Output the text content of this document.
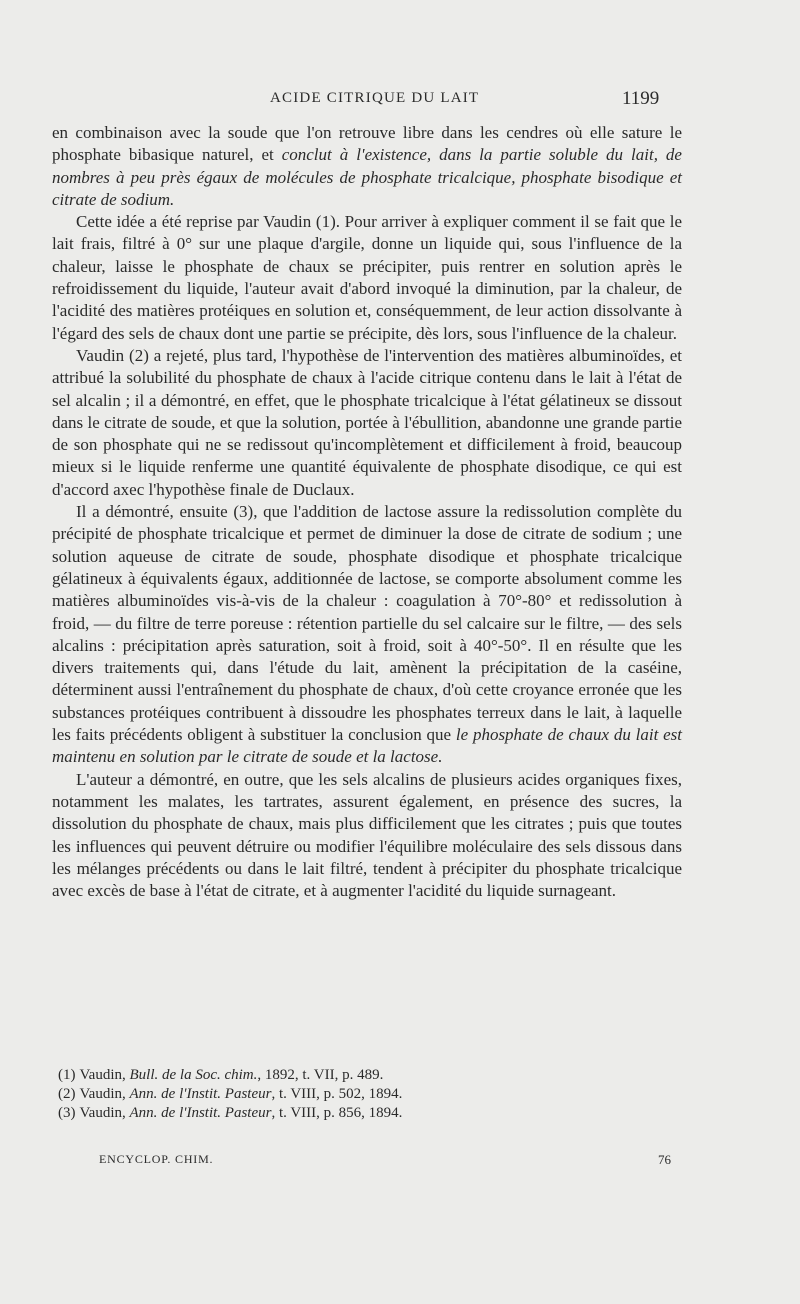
ACIDE CITRIQUE DU LAIT	1199

en combinaison avec la soude que l'on retrouve libre dans les cendres où elle sature le phosphate bibasique naturel, et conclut à l'existence, dans la partie soluble du lait, de nombres à peu près égaux de molécules de phosphate tricalcique, phosphate bisodique et citrate de sodium.

Cette idée a été reprise par Vaudin (1). Pour arriver à expliquer comment il se fait que le lait frais, filtré à 0° sur une plaque d'argile, donne un liquide qui, sous l'influence de la chaleur, laisse le phosphate de chaux se précipiter, puis rentrer en solution après le refroidissement du liquide, l'auteur avait d'abord invoqué la diminution, par la chaleur, de l'acidité des matières protéiques en solution et, conséquemment, de leur action dissolvante à l'égard des sels de chaux dont une partie se précipite, dès lors, sous l'influence de la chaleur.

Vaudin (2) a rejeté, plus tard, l'hypothèse de l'intervention des matières albuminoïdes, et attribué la solubilité du phosphate de chaux à l'acide citrique contenu dans le lait à l'état de sel alcalin ; il a démontré, en effet, que le phosphate tricalcique à l'état gélatineux se dissout dans le citrate de soude, et que la solution, portée à l'ébullition, abandonne une grande partie de son phosphate qui ne se redissout qu'incomplètement et difficilement à froid, beaucoup mieux si le liquide renferme une quantité équivalente de phosphate disodique, ce qui est d'accord axec l'hypothèse finale de Duclaux.

Il a démontré, ensuite (3), que l'addition de lactose assure la redissolution complète du précipité de phosphate tricalcique et permet de diminuer la dose de citrate de sodium ; une solution aqueuse de citrate de soude, phosphate disodique et phosphate tricalcique gélatineux à équivalents égaux, additionnée de lactose, se comporte absolument comme les matières albuminoïdes vis-à-vis de la chaleur : coagulation à 70°-80° et redissolution à froid, — du filtre de terre poreuse : rétention partielle du sel calcaire sur le filtre, — des sels alcalins : précipitation après saturation, soit à froid, soit à 40°-50°. Il en résulte que les divers traitements qui, dans l'étude du lait, amènent la précipitation de la caséine, déterminent aussi l'entraînement du phosphate de chaux, d'où cette croyance erronée que les substances protéiques contribuent à dissoudre les phosphates terreux dans le lait, à laquelle les faits précédents obligent à substituer la conclusion que le phosphate de chaux du lait est maintenu en solution par le citrate de soude et la lactose.

L'auteur a démontré, en outre, que les sels alcalins de plusieurs acides organiques fixes, notamment les malates, les tartrates, assurent également, en présence des sucres, la dissolution du phosphate de chaux, mais plus difficilement que les citrates ; puis que toutes les influences qui peuvent détruire ou modifier l'équilibre moléculaire des sels dissous dans les mélanges précédents ou dans le lait filtré, tendent à précipiter du phosphate tricalcique avec excès de base à l'état de citrate, et à augmenter l'acidité du liquide surnageant.

(1) Vaudin, Bull. de la Soc. chim., 1892, t. VII, p. 489.

(2) Vaudin, Ann. de l'Instit. Pasteur, t. VIII, p. 502, 1894.

(3) Vaudin, Ann. de l'Instit. Pasteur, t. VIII, p. 856, 1894.

ENCYCLOP. CHIM.	76
